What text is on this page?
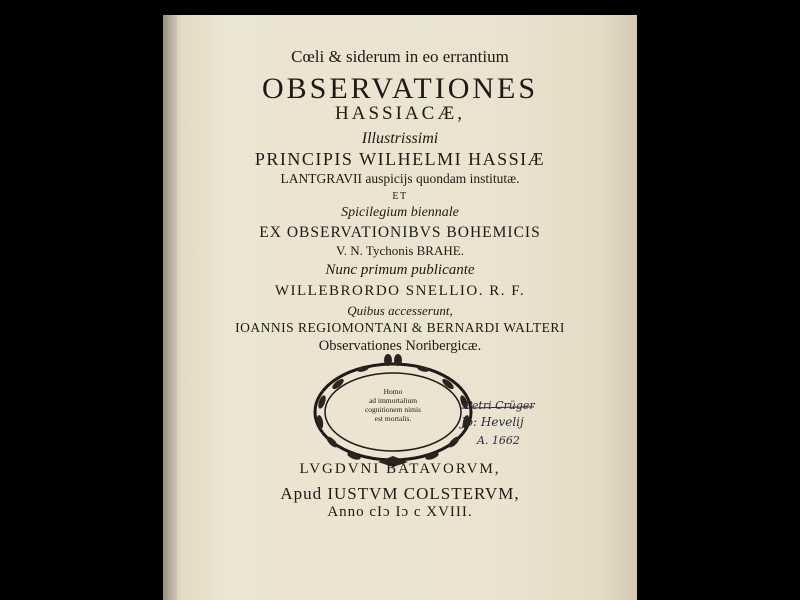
Cœli & siderum in eo errantium
OBSERVATIONES
HASSIACÆ,
Illustrissimi
PRINCIPIS WILHELMI HASSIÆ
LANTGRAVII auspicijs quondam institutæ.
ET
Spicilegium biennale
EX OBSERVATIONIBVS BOHEMICIS
V. N. Tychonis BRAHE.
Nunc primum publicante
WILLEBRORDO SNELLIO. R. F.
Quibus accesserunt,
IOANNIS REGIOMONTANI & BERNARDI WALTERI
Observationes Noribergicæ.
Homo
ad immortalium
cognitionem nimis
est mortalis.
Petri Crüger
Jo: Hevelij
A. 1662
LVGDVNI BATAVORVM,
Apud IUSTVM COLSTERVM,
Anno cIɔ Iɔ c XVIII.
